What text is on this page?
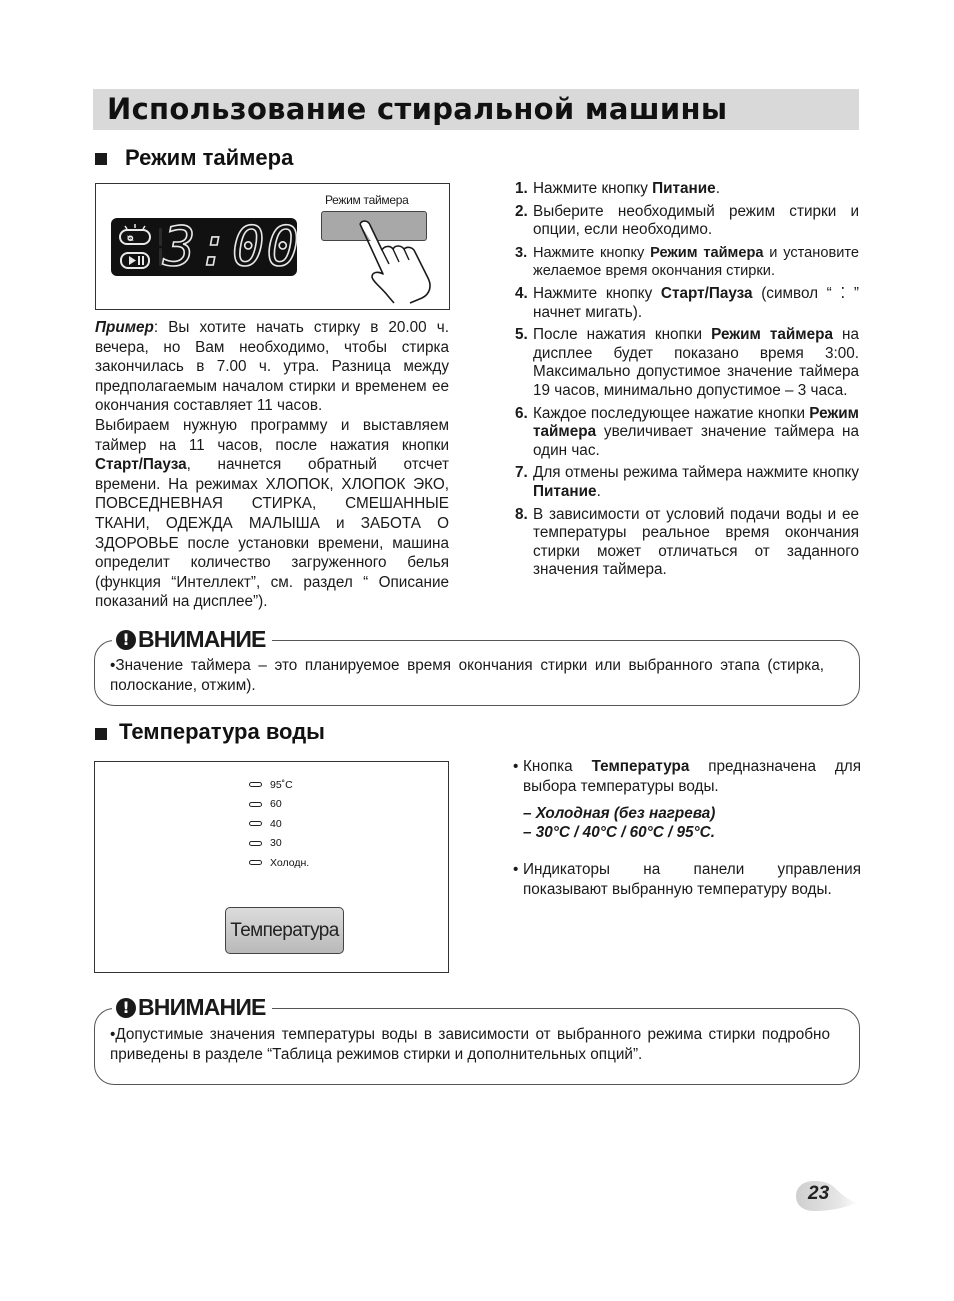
Использование стиральной машины
Режим таймера
ᴓ 3:00
Режим таймера

Пример: Вы хотите начать стирку в 20.00 ч. вечера, но Вам необходимо, чтобы стирка закончилась в 7.00 ч. утра. Разница между предполагаемым началом стирки и временем ее окончания составляет 11 часов.

Выбираем нужную программу и выставляем таймер на 11 часов, после нажатия кнопки Старт/Пауза, начнется обратный отсчет времени. На режимах ХЛОПОК, ХЛОПОК ЭКО, ПОВСЕДНЕВНАЯ СТИРКА, СМЕШАННЫЕ ТКАНИ, ОДЕЖДА МАЛЫША и ЗАБОТА О ЗДОРОВЬЕ после установки времени, машина определит количество загруженного белья (функция “Интеллект”, см. раздел “ Описание показаний на дисплее”).

1. Нажмите кнопку Питание.
2. Выберите необходимый режим стирки и опции, если необходимо.
3. Нажмите кнопку Режим таймера и установите желаемое время окончания стирки.
4. Нажмите кнопку Старт/Пауза (символ “ ⁚ ” начнет мигать).
5. После нажатия кнопки Режим таймера на дисплее будет показано время 3:00. Максимально допустимое значение таймера 19 часов, минимально допустимое – 3 часа.
6. Каждое последующее нажатие кнопки Режим таймера увеличивает значение таймера на один час.
7. Для отмены режима таймера нажмите кнопку Питание.
8. В зависимости от условий подачи воды и ее температуры реальное время окончания стирки может отличаться от заданного значения таймера.
! ВНИМАНИЕ
•Значение таймера – это планируемое время окончания стирки или выбранного этапа (стирка, полоскание, отжим).
Температура воды
95˚C
60
40
30
Холодн.
Температура
• Кнопка Температура предназначена для выбора температуры воды.
– Холодная (без нагрева)
– 30°C / 40°C / 60°C / 95°C.
• Индикаторы на панели управления показывают выбранную температуру воды.
! ВНИМАНИЕ
•Допустимые значения температуры воды в зависимости от выбранного режима стирки подробно приведены в разделе “Таблица режимов стирки и дополнительных опций”.
23
